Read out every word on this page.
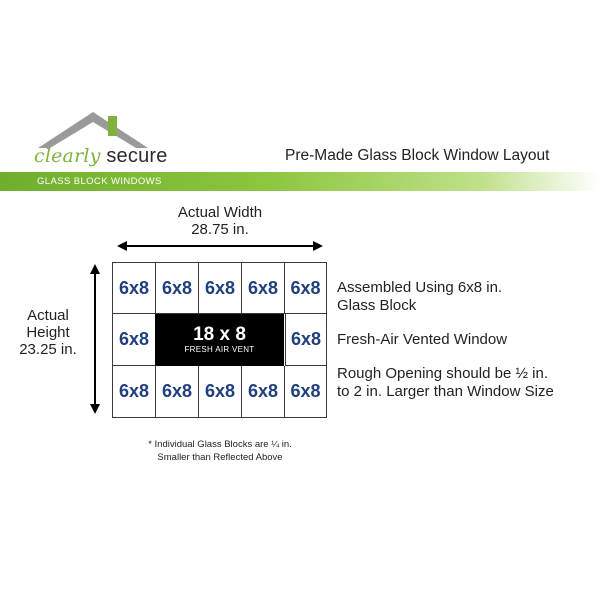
clearly secure
GLASS BLOCK WINDOWS
Pre-Made Glass Block Window Layout
Actual Width
28.75 in.
Actual
Height
23.25 in.
6x8 6x8 6x8 6x8 6x8
6x8	18 x 8
FRESH AIR VENT
6x8
6x8 6x8 6x8 6x8 6x8
Assembled Using 6x8 in.
Glass Block
Fresh-Air Vented Window
Rough Opening should be ½ in.
to 2 in. Larger than Window Size
* Individual Glass Blocks are ¼ in.
Smaller than Reflected Above
